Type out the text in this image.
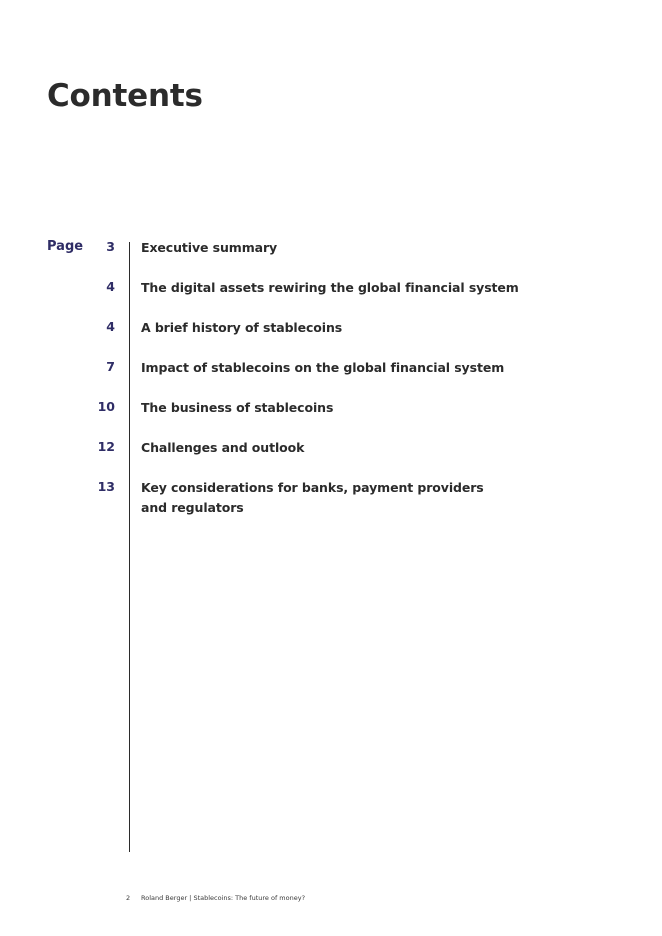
Contents
Page	3 Executive summary
4 The digital assets rewiring the global financial system
4 A brief history of stablecoins
7 Impact of stablecoins on the global financial system
10 The business of stablecoins
12 Challenges and outlook
13 Key considerations for banks, payment providers and regulators
2 Roland Berger | Stablecoins: The future of money?
